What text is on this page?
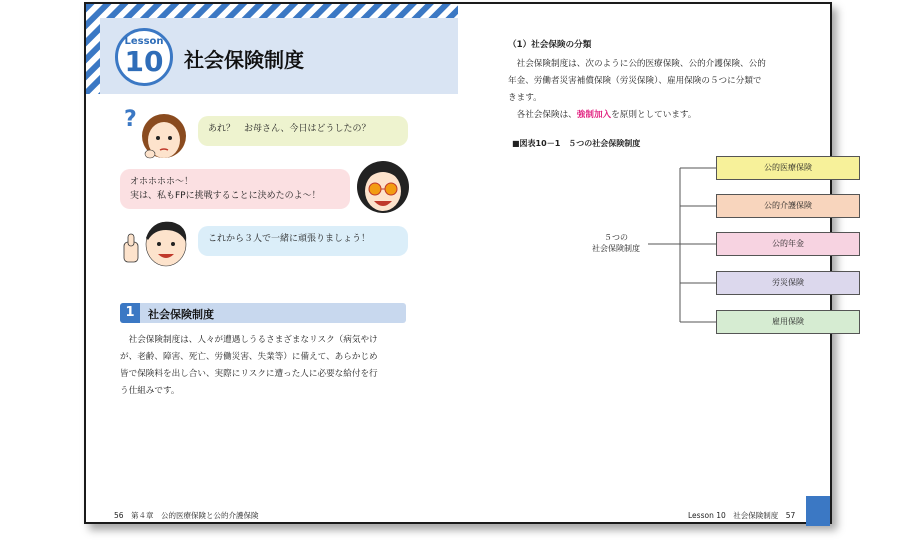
Lesson
10	社会保険制度
?	あれ？　お母さん、今日はどうしたの？
オホホホホ～！
実は、私もFPに挑戦することに決めたのよ～！
これから３人で一緒に頑張りましょう！
1	社会保険制度
　社会保険制度は、人々が遭遇しうるさまざまなリスク（病気やけ
が、老齢、障害、死亡、労働災害、失業等）に備えて、あらかじめ
皆で保険料を出し合い、実際にリスクに遭った人に必要な給付を行
う仕組みです。
56　第４章　公的医療保険と公的介護保険
（1）社会保険の分類
　社会保険制度は、次のように公的医療保険、公的介護保険、公的
年金、労働者災害補償保険（労災保険）、雇用保険の５つに分類で
きます。
　各社会保険は、強制加入を原則としています。
■図表10－1　５つの社会保険制度
５つの
社会保険制度
公的医療保険
公的介護保険
公的年金
労災保険
雇用保険
Lesson 10　社会保険制度　57
